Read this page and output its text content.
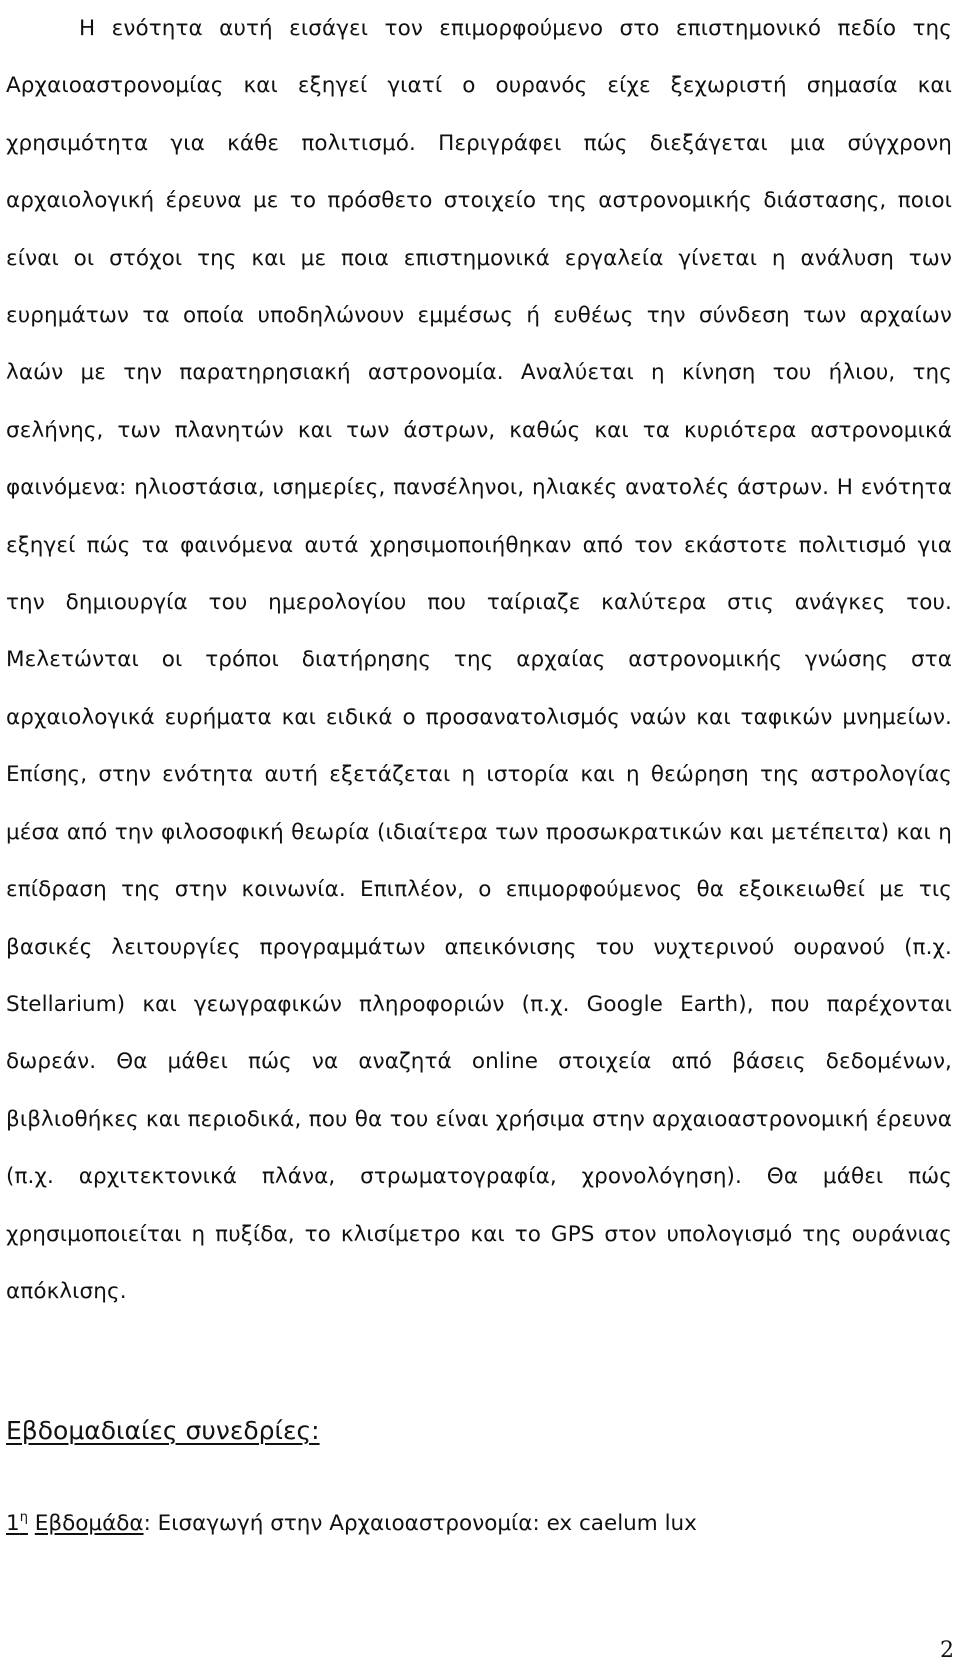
Η ενότητα αυτή εισάγει τον επιμορφούμενο στο επιστημονικό πεδίο της Αρχαιοαστρονομίας και εξηγεί γιατί ο ουρανός είχε ξεχωριστή σημασία και χρησιμότητα για κάθε πολιτισμό. Περιγράφει πώς διεξάγεται μια σύγχρονη αρχαιολογική έρευνα με το πρόσθετο στοιχείο της αστρονομικής διάστασης, ποιοι είναι οι στόχοι της και με ποια επιστημονικά εργαλεία γίνεται η ανάλυση των ευρημάτων τα οποία υποδηλώνουν εμμέσως ή ευθέως την σύνδεση των αρχαίων λαών με την παρατηρησιακή αστρονομία. Αναλύεται η κίνηση του ήλιου, της σελήνης, των πλανητών και των άστρων, καθώς και τα κυριότερα αστρονομικά φαινόμενα: ηλιοστάσια, ισημερίες, πανσέληνοι, ηλιακές ανατολές άστρων. Η ενότητα εξηγεί πώς τα φαινόμενα αυτά χρησιμοποιήθηκαν από τον εκάστοτε πολιτισμό για την δημιουργία του ημερολογίου που ταίριαζε καλύτερα στις ανάγκες του. Μελετώνται οι τρόποι διατήρησης της αρχαίας αστρονομικής γνώσης στα αρχαιολογικά ευρήματα και ειδικά ο προσανατολισμός ναών και ταφικών μνημείων. Επίσης, στην ενότητα αυτή εξετάζεται η ιστορία και η θεώρηση της αστρολογίας μέσα από την φιλοσοφική θεωρία (ιδιαίτερα των προσωκρατικών και μετέπειτα) και η επίδραση της στην κοινωνία. Επιπλέον, ο επιμορφούμενος θα εξοικειωθεί με τις βασικές λειτουργίες προγραμμάτων απεικόνισης του νυχτερινού ουρανού (π.χ. Stellarium) και γεωγραφικών πληροφοριών (π.χ. Google Earth), που παρέχονται δωρεάν. Θα μάθει πώς να αναζητά online στοιχεία από βάσεις δεδομένων, βιβλιοθήκες και περιοδικά, που θα του είναι χρήσιμα στην αρχαιοαστρονομική έρευνα (π.χ. αρχιτεκτονικά πλάνα, στρωματογραφία, χρονολόγηση). Θα μάθει πώς χρησιμοποιείται η πυξίδα, το κλισίμετρο και το GPS στον υπολογισμό της ουράνιας απόκλισης.

Εβδομαδιαίες συνεδρίες:

$1^\eta$ Εβδομάδα: Εισαγωγή στην Αρχαιοαστρονομία: ex caelum lux

2
